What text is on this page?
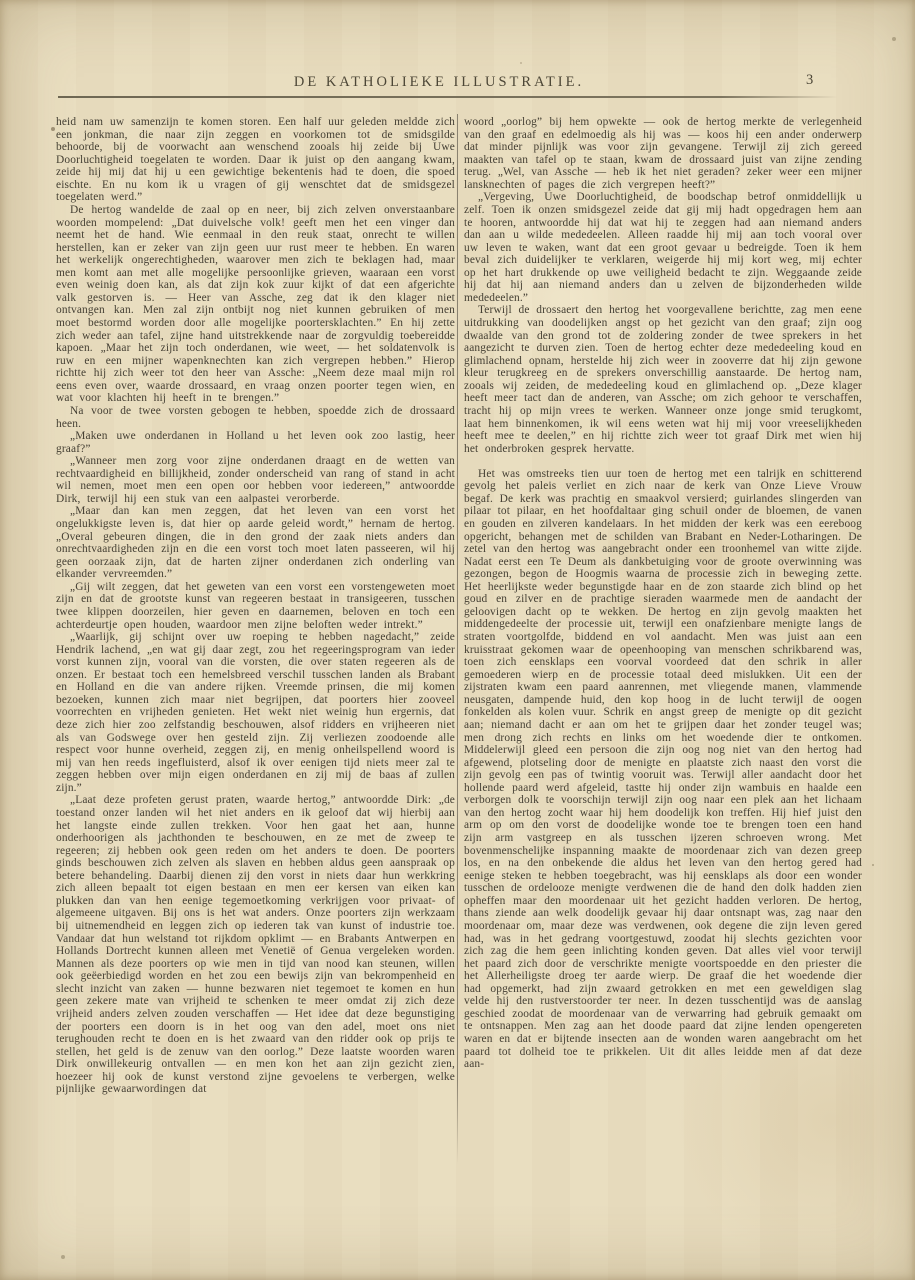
DE KATHOLIEKE ILLUSTRATIE.	3

heid nam uw samenzijn te komen storen. Een half uur geleden meldde zich een jonkman, die naar zijn zeggen en voorkomen tot de smidsgilde behoorde, bij de voorwacht aan wenschend zooals hij zeide bij Uwe Doorluchtigheid toegelaten te worden. Daar ik juist op den aangang kwam, zeide hij mij dat hij u een gewichtige bekentenis had te doen, die spoed eischte. En nu kom ik u vragen of gij wenschtet dat de smidsgezel toegelaten werd.”

De hertog wandelde de zaal op en neer, bij zich zelven onverstaanbare woorden mompelend: „Dat duivelsche volk! geeft men het een vinger dan neemt het de hand. Wie eenmaal in den reuk staat, onrecht te willen herstellen, kan er zeker van zijn geen uur rust meer te hebben. En waren het werkelijk ongerechtigheden, waarover men zich te beklagen had, maar men komt aan met alle mogelijke persoonlijke grieven, waaraan een vorst even weinig doen kan, als dat zijn kok zuur kijkt of dat een afgerichte valk gestorven is. — Heer van Assche, zeg dat ik den klager niet ontvangen kan. Men zal zijn ontbijt nog niet kunnen gebruiken of men moet bestormd worden door alle mogelijke poortersklachten.” En hij zette zich weder aan tafel, zijne hand uitstrekkende naar de zorgvuldig toebereidde kapoen. „Maar het zijn toch onderdanen, wie weet, — het soldatenvolk is ruw en een mijner wapenknechten kan zich vergrepen hebben.” Hierop richtte hij zich weer tot den heer van Assche: „Neem deze maal mijn rol eens even over, waarde drossaard, en vraag onzen poorter tegen wien, en wat voor klachten hij heeft in te brengen.”

Na voor de twee vorsten gebogen te hebben, spoedde zich de drossaard heen.

„Maken uwe onderdanen in Holland u het leven ook zoo lastig, heer graaf?”

„Wanneer men zorg voor zijne onderdanen draagt en de wetten van rechtvaardigheid en billijkheid, zonder onderscheid van rang of stand in acht wil nemen, moet men een open oor hebben voor iedereen,” antwoordde Dirk, terwijl hij een stuk van een aalpastei verorberde.

„Maar dan kan men zeggen, dat het leven van een vorst het ongelukkigste leven is, dat hier op aarde geleid wordt,” hernam de hertog. „Overal gebeuren dingen, die in den grond der zaak niets anders dan onrechtvaardigheden zijn en die een vorst toch moet laten passeeren, wil hij geen oorzaak zijn, dat de harten zijner onderdanen zich onderling van elkander vervreemden.”

„Gij wilt zeggen, dat het geweten van een vorst een vorstengeweten moet zijn en dat de grootste kunst van regeeren bestaat in transigeeren, tusschen twee klippen doorzeilen, hier geven en daarnemen, beloven en toch een achterdeurtje open houden, waardoor men zijne beloften weder intrekt.”

„Waarlijk, gij schijnt over uw roeping te hebben nagedacht,” zeide Hendrik lachend, „en wat gij daar zegt, zou het regeeringsprogram van ieder vorst kunnen zijn, vooral van die vorsten, die over staten regeeren als de onzen. Er bestaat toch een hemelsbreed verschil tusschen landen als Brabant en Holland en die van andere rijken. Vreemde prinsen, die mij komen bezoeken, kunnen zich maar niet begrijpen, dat poorters hier zooveel voorrechten en vrijheden genieten. Het wekt niet weinig hun ergernis, dat deze zich hier zoo zelfstandig beschouwen, alsof ridders en vrijheeren niet als van Godswege over hen gesteld zijn. Zij verliezen zoodoende alle respect voor hunne overheid, zeggen zij, en menig onheilspellend woord is mij van hen reeds ingefluisterd, alsof ik over eenigen tijd niets meer zal te zeggen hebben over mijn eigen onderdanen en zij mij de baas af zullen zijn.”

„Laat deze profeten gerust praten, waarde hertog,” antwoordde Dirk: „de toestand onzer landen wil het niet anders en ik geloof dat wij hierbij aan het langste einde zullen trekken. Voor hen gaat het aan, hunne onderhoorigen als jachthonden te beschouwen, en ze met de zweep te regeeren; zij hebben ook geen reden om het anders te doen. De poorters ginds beschouwen zich zelven als slaven en hebben aldus geen aanspraak op betere behandeling. Daarbij dienen zij den vorst in niets daar hun werkkring zich alleen bepaalt tot eigen bestaan en men eer kersen van eiken kan plukken dan van hen eenige tegemoetkoming verkrijgen voor privaat- of algemeene uitgaven. Bij ons is het wat anders. Onze poorters zijn werkzaam bij uitnemendheid en leggen zich op iederen tak van kunst of industrie toe. Vandaar dat hun welstand tot rijkdom opklimt — en Brabants Antwerpen en Hollands Dortrecht kunnen alleen met Venetië of Genua vergeleken worden. Mannen als deze poorters op wie men in tijd van nood kan steunen, willen ook geëerbiedigd worden en het zou een bewijs zijn van bekrompenheid en slecht inzicht van zaken — hunne bezwaren niet tegemoet te komen en hun geen zekere mate van vrijheid te schenken te meer omdat zij zich deze vrijheid anders zelven zouden verschaffen — Het idee dat deze begunstiging der poorters een doorn is in het oog van den adel, moet ons niet terughouden recht te doen en is het zwaard van den ridder ook op prijs te stellen, het geld is de zenuw van den oorlog.” Deze laatste woorden waren Dirk onwillekeurig ontvallen — en men kon het aan zijn gezicht zien, hoezeer hij ook de kunst verstond zijne gevoelens te verbergen, welke pijnlijke gewaarwordingen dat

woord „oorlog” bij hem opwekte — ook de hertog merkte de verlegenheid van den graaf en edelmoedig als hij was — koos hij een ander onderwerp dat minder pijnlijk was voor zijn gevangene. Terwijl zij zich gereed maakten van tafel op te staan, kwam de drossaard juist van zijne zending terug. „Wel, van Assche — heb ik het niet geraden? zeker weer een mijner lansknechten of pages die zich vergrepen heeft?”

„Vergeving, Uwe Doorluchtigheid, de boodschap betrof onmiddellijk u zelf. Toen ik onzen smidsgezel zeide dat gij mij hadt opgedragen hem aan te hooren, antwoordde hij dat wat hij te zeggen had aan niemand anders dan aan u wilde mededeelen. Alleen raadde hij mij aan toch vooral over uw leven te waken, want dat een groot gevaar u bedreigde. Toen ik hem beval zich duidelijker te verklaren, weigerde hij mij kort weg, mij echter op het hart drukkende op uwe veiligheid bedacht te zijn. Weggaande zeide hij dat hij aan niemand anders dan u zelven de bijzonderheden wilde mededeelen.”

Terwijl de drossaert den hertog het voorgevallene berichtte, zag men eene uitdrukking van doodelijken angst op het gezicht van den graaf; zijn oog dwaalde van den grond tot de zoldering zonder de twee sprekers in het aangezicht te durven zien. Toen de hertog echter deze mededeeling koud en glimlachend opnam, herstelde hij zich weer in zooverre dat hij zijn gewone kleur terugkreeg en de sprekers onverschillig aanstaarde. De hertog nam, zooals wij zeiden, de mededeeling koud en glimlachend op. „Deze klager heeft meer tact dan de anderen, van Assche; om zich gehoor te verschaffen, tracht hij op mijn vrees te werken. Wanneer onze jonge smid terugkomt, laat hem binnenkomen, ik wil eens weten wat hij mij voor vreeselijkheden heeft mee te deelen,” en hij richtte zich weer tot graaf Dirk met wien hij het onderbroken gesprek hervatte.

Het was omstreeks tien uur toen de hertog met een talrijk en schitterend gevolg het paleis verliet en zich naar de kerk van Onze Lieve Vrouw begaf. De kerk was prachtig en smaakvol versierd; guirlandes slingerden van pilaar tot pilaar, en het hoofdaltaar ging schuil onder de bloemen, de vanen en gouden en zilveren kandelaars. In het midden der kerk was een eereboog opgericht, behangen met de schilden van Brabant en Neder-Lotharingen. De zetel van den hertog was aangebracht onder een troonhemel van witte zijde. Nadat eerst een Te Deum als dankbetuiging voor de groote overwinning was gezongen, begon de Hoogmis waarna de processie zich in beweging zette. Het heerlijkste weder begunstigde haar en de zon staarde zich blind op het goud en zilver en de prachtige sieraden waarmede men de aandacht der geloovigen dacht op te wekken. De hertog en zijn gevolg maakten het middengedeelte der processie uit, terwijl een onafzienbare menigte langs de straten voortgolfde, biddend en vol aandacht. Men was juist aan een kruisstraat gekomen waar de opeenhooping van menschen schrikbarend was, toen zich eensklaps een voorval voordeed dat den schrik in aller gemoederen wierp en de processie totaal deed mislukken. Uit een der zijstraten kwam een paard aanrennen, met vliegende manen, vlammende neusgaten, dampende huid, den kop hoog in de lucht terwijl de oogen fonkelden als kolen vuur. Schrik en angst greep de menigte op dit gezicht aan; niemand dacht er aan om het te grijpen daar het zonder teugel was; men drong zich rechts en links om het woedende dier te ontkomen. Middelerwijl gleed een persoon die zijn oog nog niet van den hertog had afgewend, plotseling door de menigte en plaatste zich naast den vorst die zijn gevolg een pas of twintig vooruit was. Terwijl aller aandacht door het hollende paard werd afgeleid, tastte hij onder zijn wambuis en haalde een verborgen dolk te voorschijn terwijl zijn oog naar een plek aan het lichaam van den hertog zocht waar hij hem doodelijk kon treffen. Hij hief juist den arm op om den vorst de doodelijke wonde toe te brengen toen een hand zijn arm vastgreep en als tusschen ijzeren schroeven wrong. Met bovenmenschelijke inspanning maakte de moordenaar zich van dezen greep los, en na den onbekende die aldus het leven van den hertog gered had eenige steken te hebben toegebracht, was hij eensklaps als door een wonder tusschen de ordelooze menigte verdwenen die de hand den dolk hadden zien opheffen maar den moordenaar uit het gezicht hadden verloren. De hertog, thans ziende aan welk doodelijk gevaar hij daar ontsnapt was, zag naar den moordenaar om, maar deze was verdwenen, ook degene die zijn leven gered had, was in het gedrang voortgestuwd, zoodat hij slechts gezichten voor zich zag die hem geen inlichting konden geven. Dat alles viel voor terwijl het paard zich door de verschrikte menigte voortspoedde en den priester die het Allerheiligste droeg ter aarde wierp. De graaf die het woedende dier had opgemerkt, had zijn zwaard getrokken en met een geweldigen slag velde hij den rustverstoorder ter neer. In dezen tusschentijd was de aanslag geschied zoodat de moordenaar van de verwarring had gebruik gemaakt om te ontsnappen. Men zag aan het doode paard dat zijne lenden opengereten waren en dat er bijtende insecten aan de wonden waren aangebracht om het paard tot dolheid toe te prikkelen. Uit dit alles leidde men af dat deze aan-
